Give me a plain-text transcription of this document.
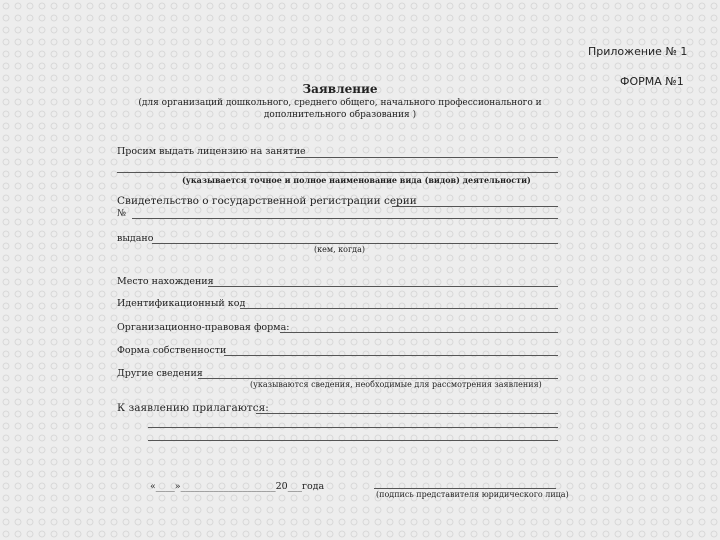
Приложение № 1
ФОРМА №1
Заявление
(для организаций дошкольного, среднего общего, начального профессионального и
дополнительного образования )
Просим выдать лицензию на занятие
(указывается точное и полное наименование вида (видов) деятельности)
Свидетельство о государственной регистрации серии
№
выдано
(кем, когда)
Место нахождения
Идентификационный код
Организационно-правовая форма:
Форма собственности
Другие сведения
(указываются сведения, необходимые для рассмотрения заявления)
К заявлению прилагаются:
«____»____________________20___года
(подпись представителя юридического лица)
